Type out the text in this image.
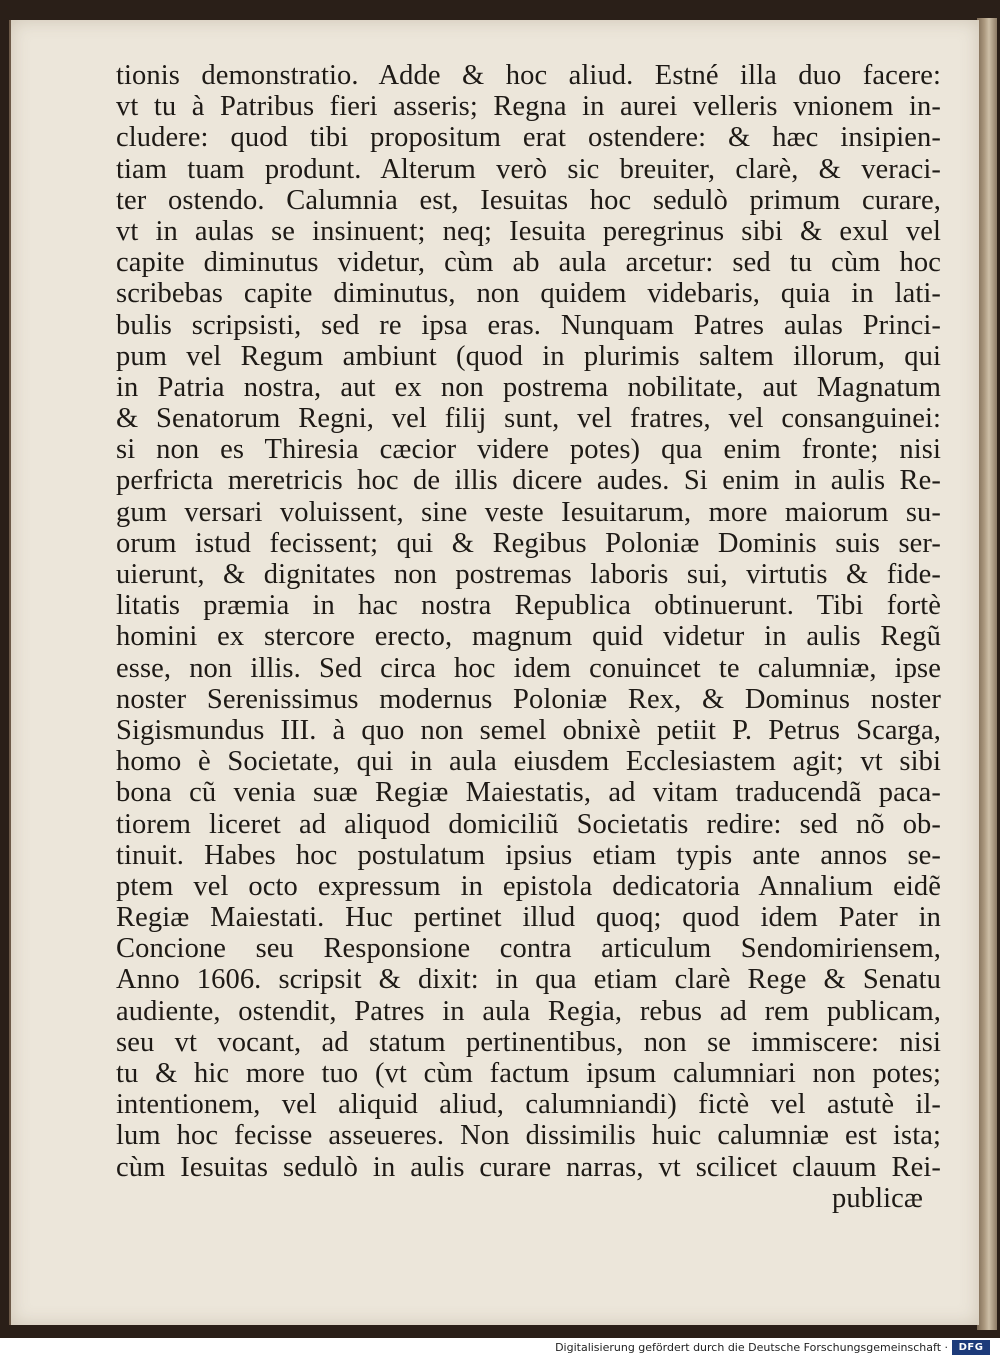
tionis demonstratio. Adde & hoc aliud. Estné illa duo facere:
vt tu à Patribus fieri asseris; Regna in aurei velleris vnionem in-
cludere: quod tibi propositum erat ostendere: & hæc insipien-
tiam tuam produnt. Alterum verò sic breuiter, clarè, & veraci-
ter ostendo. Calumnia est, Iesuitas hoc sedulò primum curare,
vt in aulas se insinuent; neq; Iesuita peregrinus sibi & exul vel
capite diminutus videtur, cùm ab aula arcetur: sed tu cùm hoc
scribebas capite diminutus, non quidem videbaris, quia in lati-
bulis scripsisti, sed re ipsa eras. Nunquam Patres aulas Princi-
pum vel Regum ambiunt (quod in plurimis saltem illorum, qui
in Patria nostra, aut ex non postrema nobilitate, aut Magnatum
& Senatorum Regni, vel filij sunt, vel fratres, vel consanguinei:
si non es Thiresia cæcior videre potes) qua enim fronte; nisi
perfricta meretricis hoc de illis dicere audes. Si enim in aulis Re-
gum versari voluissent, sine veste Iesuitarum, more maiorum su-
orum istud fecissent; qui & Regibus Poloniæ Dominis suis ser-
uierunt, & dignitates non postremas laboris sui, virtutis & fide-
litatis præmia in hac nostra Republica obtinuerunt. Tibi fortè
homini ex stercore erecto, magnum quid videtur in aulis Regũ
esse, non illis. Sed circa hoc idem conuincet te calumniæ, ipse
noster Serenissimus modernus Poloniæ Rex, & Dominus noster
Sigismundus III. à quo non semel obnixè petiit P. Petrus Scarga,
homo è Societate, qui in aula eiusdem Ecclesiastem agit; vt sibi
bona cũ venia suæ Regiæ Maiestatis, ad vitam traducendã paca-
tiorem liceret ad aliquod domiciliũ Societatis redire: sed nõ ob-
tinuit. Habes hoc postulatum ipsius etiam typis ante annos se-
ptem vel octo expressum in epistola dedicatoria Annalium eidẽ
Regiæ Maiestati. Huc pertinet illud quoq; quod idem Pater in
Concione seu Responsione contra articulum Sendomiriensem,
Anno 1606. scripsit & dixit: in qua etiam clarè Rege & Senatu
audiente, ostendit, Patres in aula Regia, rebus ad rem publicam,
seu vt vocant, ad statum pertinentibus, non se immiscere: nisi
tu & hic more tuo (vt cùm factum ipsum calumniari non potes;
intentionem, vel aliquid aliud, calumniandi) fictè vel astutè il-
lum hoc fecisse asseueres. Non dissimilis huic calumniæ est ista;
cùm Iesuitas sedulò in aulis curare narras, vt scilicet clauum Rei-
publicæ
Digitalisierung gefördert durch die Deutsche Forschungsgemeinschaft ·	DFG
